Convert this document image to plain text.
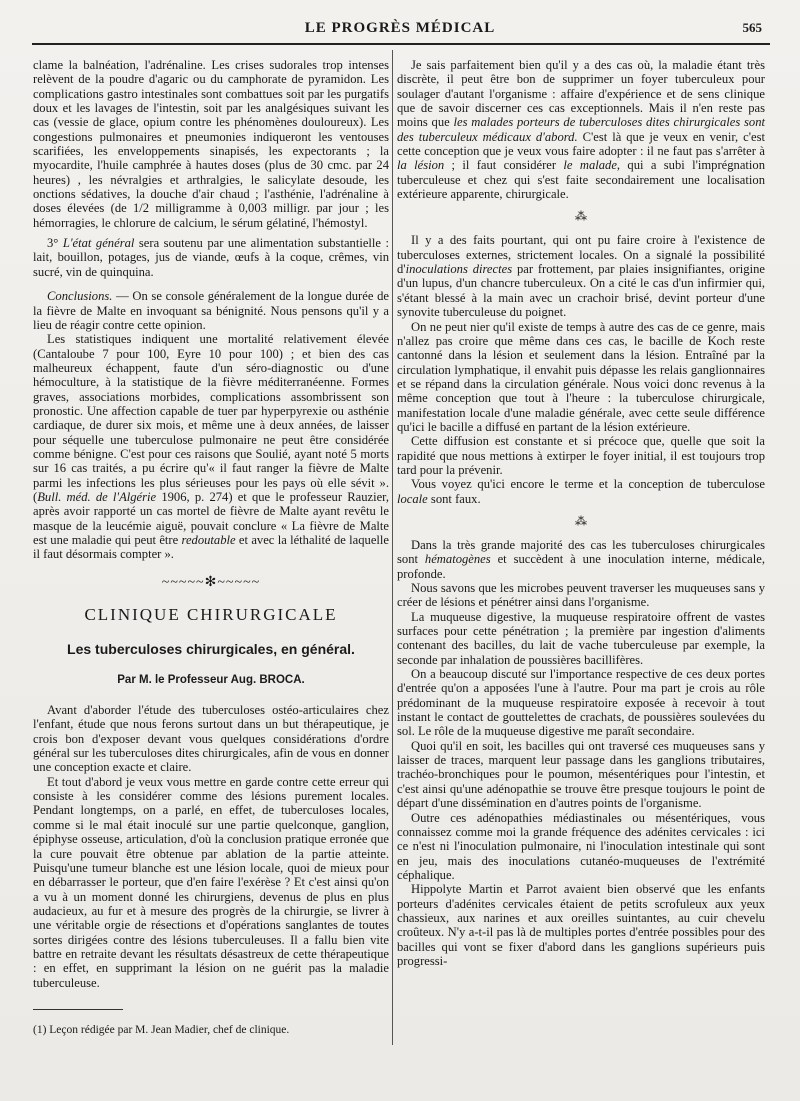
LE PROGRÈS MÉDICAL	565

clame la balnéation, l'adrénaline. Les crises sudorales trop intenses relèvent de la poudre d'agaric ou du camphorate de pyramidon. Les complications gastro intestinales sont combattues soit par les purgatifs doux et les lavages de l'intestin, soit par les analgésiques suivant les cas (vessie de glace, opium contre les phénomènes douloureux). Les congestions pulmonaires et pneumonies indiqueront les ventouses scarifiées, les enveloppements sinapisés, les expectorants ; la myocardite, l'huile camphrée à hautes doses (plus de 30 cmc. par 24 heures) , les névralgies et arthralgies, le salicylate desoude, les onctions sédatives, la douche d'air chaud ; l'asthénie, l'adrénaline à doses élevées (de 1/2 milligramme à 0,003 milligr. par jour ; les hémorragies, le chlorure de calcium, le sérum gélatiné, l'hémostyl.

3° L'état général sera soutenu par une alimentation substantielle : lait, bouillon, potages, jus de viande, œufs à la coque, crêmes, vin sucré, vin de quinquina.

Conclusions. — On se console généralement de la longue durée de la fièvre de Malte en invoquant sa bénignité. Nous pensons qu'il y a lieu de réagir contre cette opinion.

Les statistiques indiquent une mortalité relativement élevée (Cantaloube 7 pour 100, Eyre 10 pour 100) ; et bien des cas malheureux échappent, faute d'un séro-diagnostic ou d'une hémoculture, à la statistique de la fièvre méditerranéenne. Formes graves, associations morbides, complications assombrissent son pronostic. Une affection capable de tuer par hyperpyrexie ou asthénie cardiaque, de durer six mois, et même une à deux années, de laisser pour séquelle une tuberculose pulmonaire ne peut être considérée comme bénigne. C'est pour ces raisons que Soulié, ayant noté 5 morts sur 16 cas traités, a pu écrire qu'« il faut ranger la fièvre de Malte parmi les infections les plus sérieuses pour les pays où elle sévit ». (Bull. méd. de l'Algérie 1906, p. 274) et que le professeur Rauzier, après avoir rapporté un cas mortel de fièvre de Malte ayant revêtu le masque de la leucémie aiguë, pouvait conclure « La fièvre de Malte est une maladie qui peut être redoutable et avec la léthalité de laquelle il faut désormais compter ».

~~~~~✻~~~~~
CLINIQUE CHIRURGICALE
Les tuberculoses chirurgicales, en général.
Par M. le Professeur Aug. BROCA.

Avant d'aborder l'étude des tuberculoses ostéo-articulaires chez l'enfant, étude que nous ferons surtout dans un but thérapeutique, je crois bon d'exposer devant vous quelques considérations d'ordre général sur les tuberculoses dites chirurgicales, afin de vous en donner une conception exacte et claire.

Et tout d'abord je veux vous mettre en garde contre cette erreur qui consiste à les considérer comme des lésions purement locales. Pendant longtemps, on a parlé, en effet, de tuberculoses locales, comme si le mal était inoculé sur une partie quelconque, ganglion, épiphyse osseuse, articulation, d'où la conclusion pratique erronée que la cure pouvait être obtenue par ablation de la partie atteinte. Puisqu'une tumeur blanche est une lésion locale, quoi de mieux pour en débarrasser le porteur, que d'en faire l'exérèse ? Et c'est ainsi qu'on a vu à un moment donné les chirurgiens, devenus de plus en plus audacieux, au fur et à mesure des progrès de la chirurgie, se livrer à une véritable orgie de résections et d'opérations sanglantes de toutes sortes dirigées contre des lésions tuberculeuses. Il a fallu bien vite battre en retraite devant les résultats désastreux de cette thérapeutique : en effet, en supprimant la lésion on ne guérit pas la maladie tuberculeuse.

(1) Leçon rédigée par M. Jean Madier, chef de clinique.

Je sais parfaitement bien qu'il y a des cas où, la maladie étant très discrète, il peut être bon de supprimer un foyer tuberculeux pour soulager d'autant l'organisme : affaire d'expérience et de sens clinique que de savoir discerner ces cas exceptionnels. Mais il n'en reste pas moins que les malades porteurs de tuberculoses dites chirurgicales sont des tuberculeux médicaux d'abord. C'est là que je veux en venir, c'est cette conception que je veux vous faire adopter : il ne faut pas s'arrêter à la lésion ; il faut considérer le malade, qui a subi l'imprégnation tuberculeuse et chez qui s'est faite secondairement une localisation extérieure apparente, chirurgicale.

⁂

Il y a des faits pourtant, qui ont pu faire croire à l'existence de tuberculoses externes, strictement locales. On a signalé la possibilité d'inoculations directes par frottement, par plaies insignifiantes, origine d'un lupus, d'un chancre tuberculeux. On a cité le cas d'un infirmier qui, s'étant blessé à la main avec un crachoir brisé, devint porteur d'une synovite tuberculeuse du poignet.

On ne peut nier qu'il existe de temps à autre des cas de ce genre, mais n'allez pas croire que même dans ces cas, le bacille de Koch reste cantonné dans la lésion et seulement dans la lésion. Entraîné par la circulation lymphatique, il envahit puis dépasse les relais ganglionnaires et se répand dans la circulation générale. Nous voici donc revenus à la même conception que tout à l'heure : la tuberculose chirurgicale, manifestation locale d'une maladie générale, avec cette seule différence qu'ici le bacille a diffusé en partant de la lésion extérieure.

Cette diffusion est constante et si précoce que, quelle que soit la rapidité que nous mettions à extirper le foyer initial, il est toujours trop tard pour la prévenir.

Vous voyez qu'ici encore le terme et la conception de tuberculose locale sont faux.

⁂

Dans la très grande majorité des cas les tuberculoses chirurgicales sont hématogènes et succèdent à une inoculation interne, médicale, profonde.

Nous savons que les microbes peuvent traverser les muqueuses sans y créer de lésions et pénétrer ainsi dans l'organisme.

La muqueuse digestive, la muqueuse respiratoire offrent de vastes surfaces pour cette pénétration ; la première par ingestion d'aliments contenant des bacilles, du lait de vache tuberculeuse par exemple, la seconde par inhalation de poussières bacillifères.

On a beaucoup discuté sur l'importance respective de ces deux portes d'entrée qu'on a apposées l'une à l'autre. Pour ma part je crois au rôle prédominant de la muqueuse respiratoire exposée à recevoir à tout instant le contact de gouttelettes de crachats, de poussières soulevées du sol. Le rôle de la muqueuse digestive me paraît secondaire.

Quoi qu'il en soit, les bacilles qui ont traversé ces muqueuses sans y laisser de traces, marquent leur passage dans les ganglions tributaires, trachéo-bronchiques pour le poumon, mésentériques pour l'intestin, et c'est ainsi qu'une adénopathie se trouve être presque toujours le point de départ d'une dissémination en d'autres points de l'organisme.

Outre ces adénopathies médiastinales ou mésentériques, vous connaissez comme moi la grande fréquence des adénites cervicales : ici ce n'est ni l'inoculation pulmonaire, ni l'inoculation intestinale qui sont en jeu, mais des inoculations cutanéo-muqueuses de l'extrémité céphalique.

Hippolyte Martin et Parrot avaient bien observé que les enfants porteurs d'adénites cervicales étaient de petits scrofuleux aux yeux chassieux, aux narines et aux oreilles suintantes, au cuir chevelu croûteux. N'y a-t-il pas là de multiples portes d'entrée possibles pour des bacilles qui vont se fixer d'abord dans les ganglions supérieurs puis progressi-
